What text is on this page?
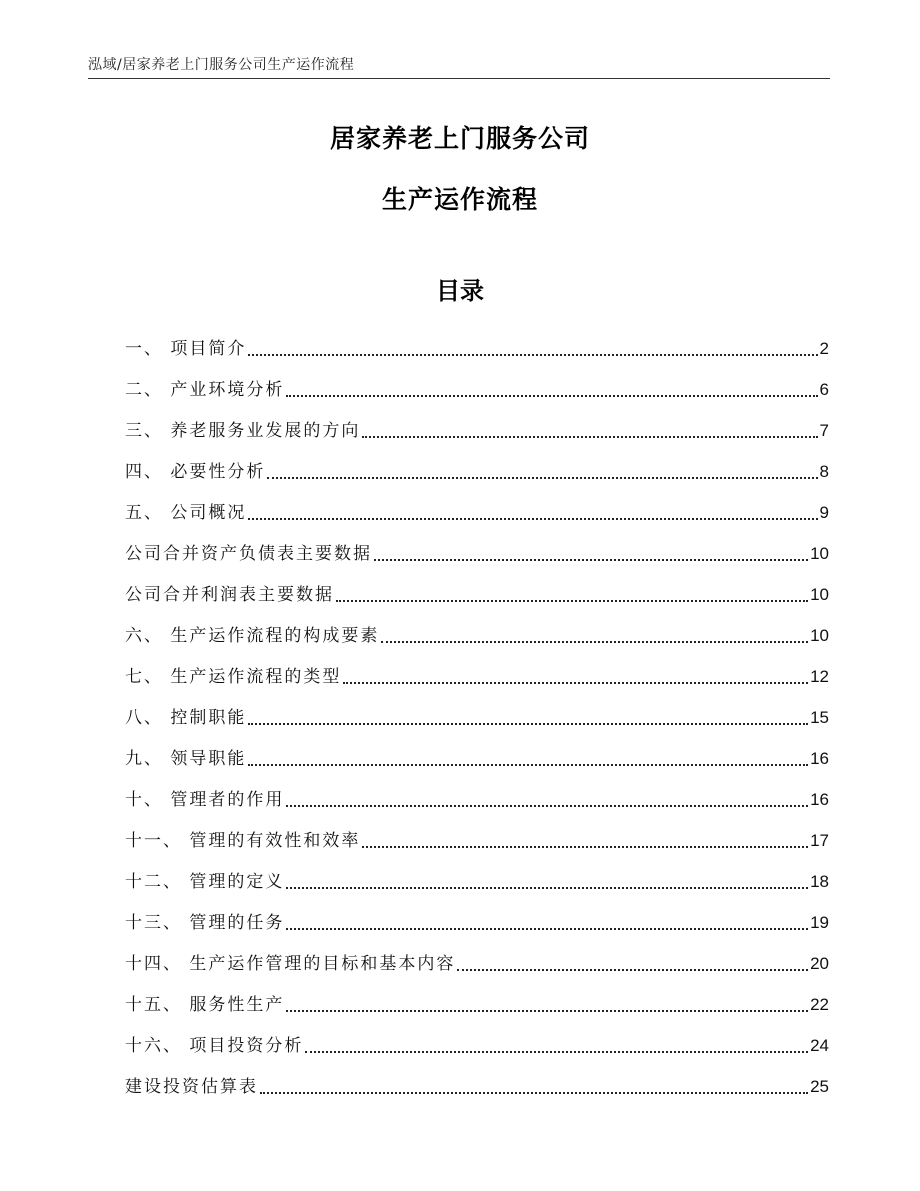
泓域/居家养老上门服务公司生产运作流程
居家养老上门服务公司
生产运作流程
目录
一、 项目简介	2
二、 产业环境分析	6
三、 养老服务业发展的方向	7
四、 必要性分析	8
五、 公司概况	9
公司合并资产负债表主要数据	10
公司合并利润表主要数据	10
六、 生产运作流程的构成要素	10
七、 生产运作流程的类型	12
八、 控制职能	15
九、 领导职能	16
十、 管理者的作用	16
十一、 管理的有效性和效率	17
十二、 管理的定义	18
十三、 管理的任务	19
十四、 生产运作管理的目标和基本内容	20
十五、 服务性生产	22
十六、 项目投资分析	24
建设投资估算表	25
